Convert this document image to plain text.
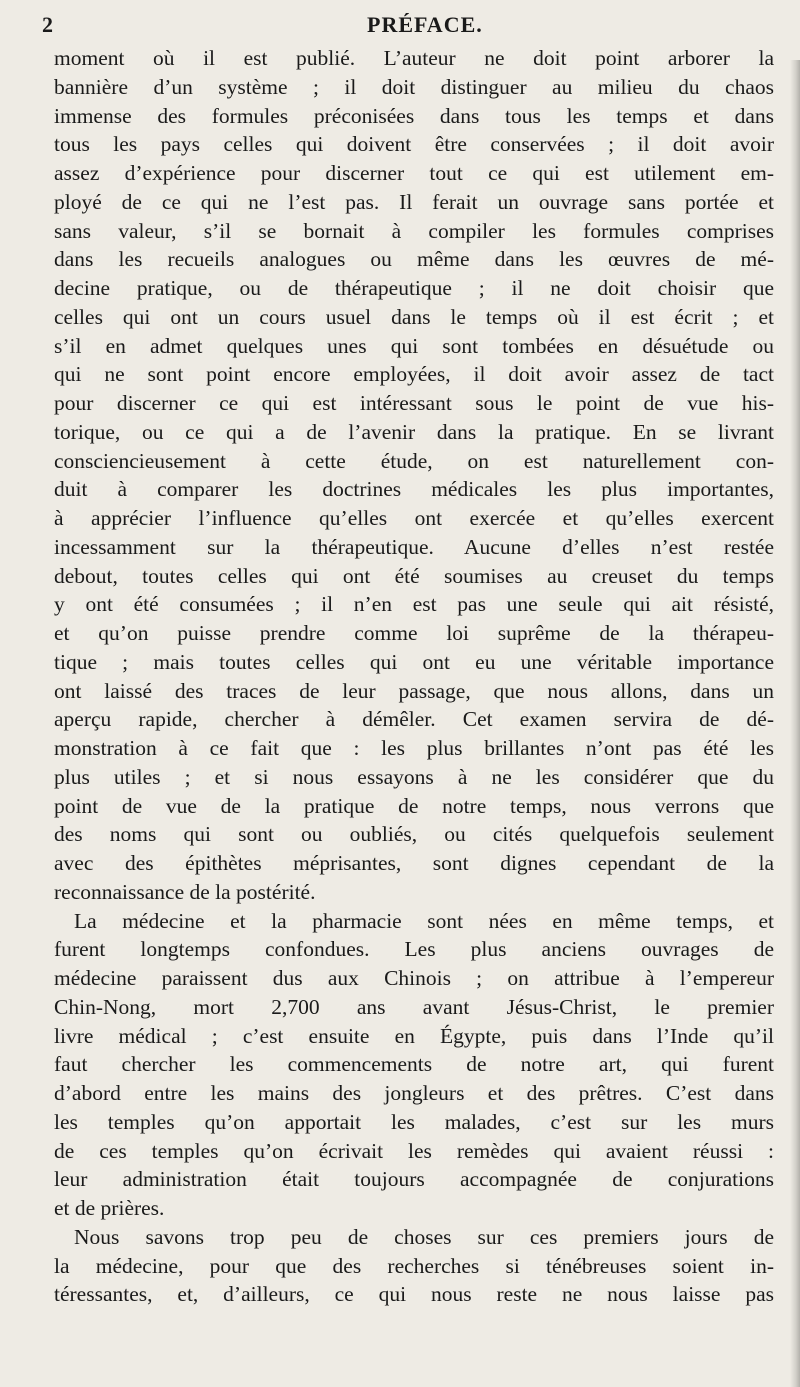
2	PRÉFACE.
moment où il est publié. L’auteur ne doit point arborer la
bannière d’un système ; il doit distinguer au milieu du chaos
immense des formules préconisées dans tous les temps et dans
tous les pays celles qui doivent être conservées ; il doit avoir
assez d’expérience pour discerner tout ce qui est utilement em-
ployé de ce qui ne l’est pas. Il ferait un ouvrage sans portée et
sans valeur, s’il se bornait à compiler les formules comprises
dans les recueils analogues ou même dans les œuvres de mé-
decine pratique, ou de thérapeutique ; il ne doit choisir que
celles qui ont un cours usuel dans le temps où il est écrit ; et
s’il en admet quelques unes qui sont tombées en désuétude ou
qui ne sont point encore employées, il doit avoir assez de tact
pour discerner ce qui est intéressant sous le point de vue his-
torique, ou ce qui a de l’avenir dans la pratique. En se livrant
consciencieusement à cette étude, on est naturellement con-
duit à comparer les doctrines médicales les plus importantes,
à apprécier l’influence qu’elles ont exercée et qu’elles exercent
incessamment sur la thérapeutique. Aucune d’elles n’est restée
debout, toutes celles qui ont été soumises au creuset du temps
y ont été consumées ; il n’en est pas une seule qui ait résisté,
et qu’on puisse prendre comme loi suprême de la thérapeu-
tique ; mais toutes celles qui ont eu une véritable importance
ont laissé des traces de leur passage, que nous allons, dans un
aperçu rapide, chercher à démêler. Cet examen servira de dé-
monstration à ce fait que : les plus brillantes n’ont pas été les
plus utiles ; et si nous essayons à ne les considérer que du
point de vue de la pratique de notre temps, nous verrons que
des noms qui sont ou oubliés, ou cités quelquefois seulement
avec des épithètes méprisantes, sont dignes cependant de la
reconnaissance de la postérité.
La médecine et la pharmacie sont nées en même temps, et
furent longtemps confondues. Les plus anciens ouvrages de
médecine paraissent dus aux Chinois ; on attribue à l’empereur
Chin-Nong, mort 2,700 ans avant Jésus-Christ, le premier
livre médical ; c’est ensuite en Égypte, puis dans l’Inde qu’il
faut chercher les commencements de notre art, qui furent
d’abord entre les mains des jongleurs et des prêtres. C’est dans
les temples qu’on apportait les malades, c’est sur les murs
de ces temples qu’on écrivait les remèdes qui avaient réussi :
leur administration était toujours accompagnée de conjurations
et de prières.
Nous savons trop peu de choses sur ces premiers jours de
la médecine, pour que des recherches si ténébreuses soient in-
téressantes, et, d’ailleurs, ce qui nous reste ne nous laisse pas
